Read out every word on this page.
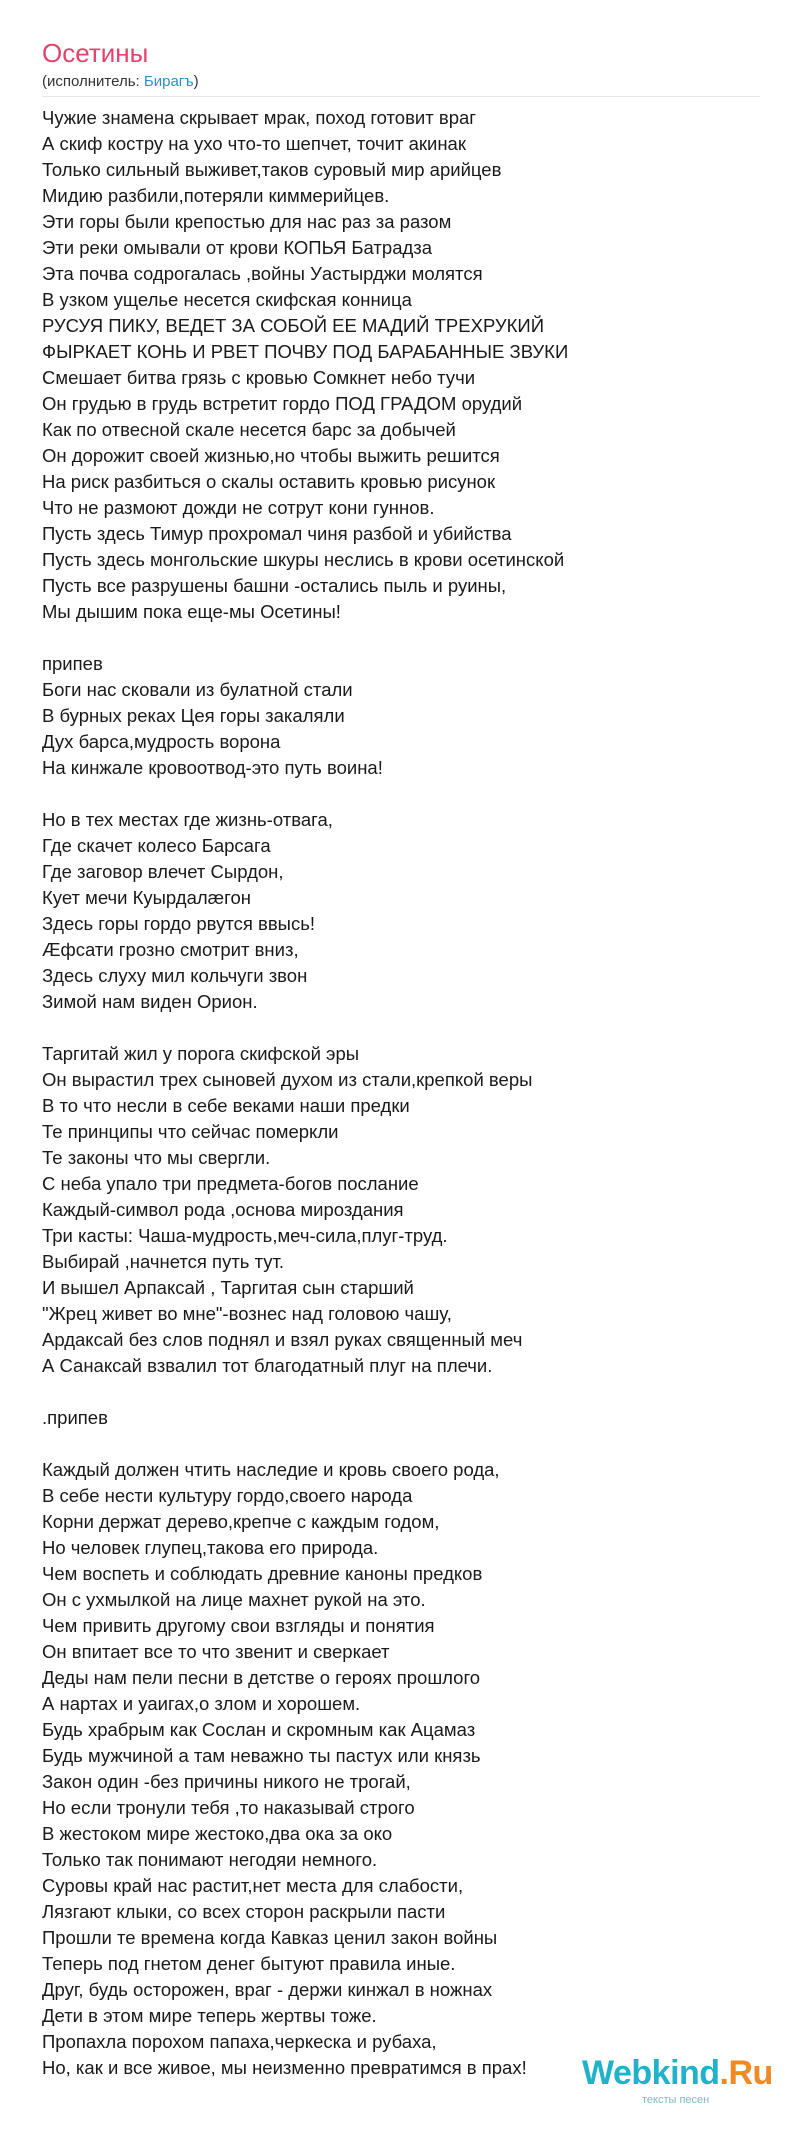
Осетины
(исполнитель: Бирагъ)
Чужие знамена скрывает мрак, поход готовит враг
А скиф костру на ухо что-то шепчет, точит акинак
Только сильный выживет,таков суровый мир арийцев
Мидию разбили,потеряли киммерийцев.
Эти горы были крепостью для нас раз за разом
Эти реки омывали от крови КОПЬЯ Батрадза
Эта почва содрогалась ,войны Уастырджи молятся
В узком ущелье несется скифская конница
РУСУЯ ПИКУ, ВЕДЕТ ЗА СОБОЙ ЕЕ МАДИЙ ТРЕХРУКИЙ
ФЫРКАЕТ КОНЬ И РВЕТ ПОЧВУ ПОД БАРАБАННЫЕ ЗВУКИ
Смешает битва грязь с кровью Сомкнет небо тучи
Он грудью в грудь встретит гордо ПОД ГРАДОМ орудий
Как по отвесной скале несется барс за добычей
Он дорожит своей жизнью,но чтобы выжить решится
На риск разбиться о скалы оставить кровью рисунок
Что не размоют дожди не сотрут кони гуннов.
Пусть здесь Тимур прохромал чиня разбой и убийства
Пусть здесь монгольские шкуры неслись в крови осетинской
Пусть все разрушены башни -остались пыль и руины,
Мы дышим пока еще-мы Осетины!
припев
Боги нас сковали из булатной стали
В бурных реках Цея горы закаляли
Дух барса,мудрость ворона
На кинжале кровоотвод-это путь воина!
Но в тех местах где жизнь-отвага,
Где скачет колесо Барсага
Где заговор влечет Сырдон,
Кует мечи Куырдалæгон
Здесь горы гордо рвутся ввысь!
Æфсати грозно смотрит вниз,
Здесь слуху мил кольчуги звон
Зимой нам виден Орион.
Таргитай жил у порога скифской эры
Он вырастил трех сыновей духом из стали,крепкой веры
В то что несли в себе веками наши предки
Те принципы что сейчас померкли
Те законы что мы свергли.
С неба упало три предмета-богов послание
Каждый-символ рода ,основа мироздания
Три касты: Чаша-мудрость,меч-сила,плуг-труд.
Выбирай ,начнется путь тут.
И вышел Арпаксай , Таргитая сын старший
"Жрец живет во мне"-вознес над головою чашу,
Ардаксай без слов поднял и взял руках священный меч
А Санаксай взвалил тот благодатный плуг на плечи.
.припев
Каждый должен чтить наследие и кровь своего рода,
В себе нести культуру гордо,своего народа
Корни держат дерево,крепче с каждым годом,
Но человек глупец,такова его природа.
Чем воспеть и соблюдать древние каноны предков
Он с ухмылкой на лице махнет рукой на это.
Чем привить другому свои взгляды и понятия
Он впитает все то что звенит и сверкает
Деды нам пели песни в детстве о героях прошлого
А нартах и уаигах,о злом и хорошем.
Будь храбрым как Сослан и скромным как Ацамаз
Будь мужчиной а там неважно ты пастух или князь
Закон один -без причины никого не трогай,
Но если тронули тебя ,то наказывай строго
В жестоком мире жестоко,два ока за око
Только так понимают негодяи немного.
Суровы край нас растит,нет места для слабости,
Лязгают клыки, со всех сторон раскрыли пасти
Прошли те времена когда Кавказ ценил закон войны
Теперь под гнетом денег бытуют правила иные.
Друг, будь осторожен, враг - держи кинжал в ножнах
Дети в этом мире теперь жертвы тоже.
Пропахла порохом папаха,черкеска и рубаха,
Но, как и все живое, мы неизменно превратимся в прах!	Webkind.Ru
тексты песен
